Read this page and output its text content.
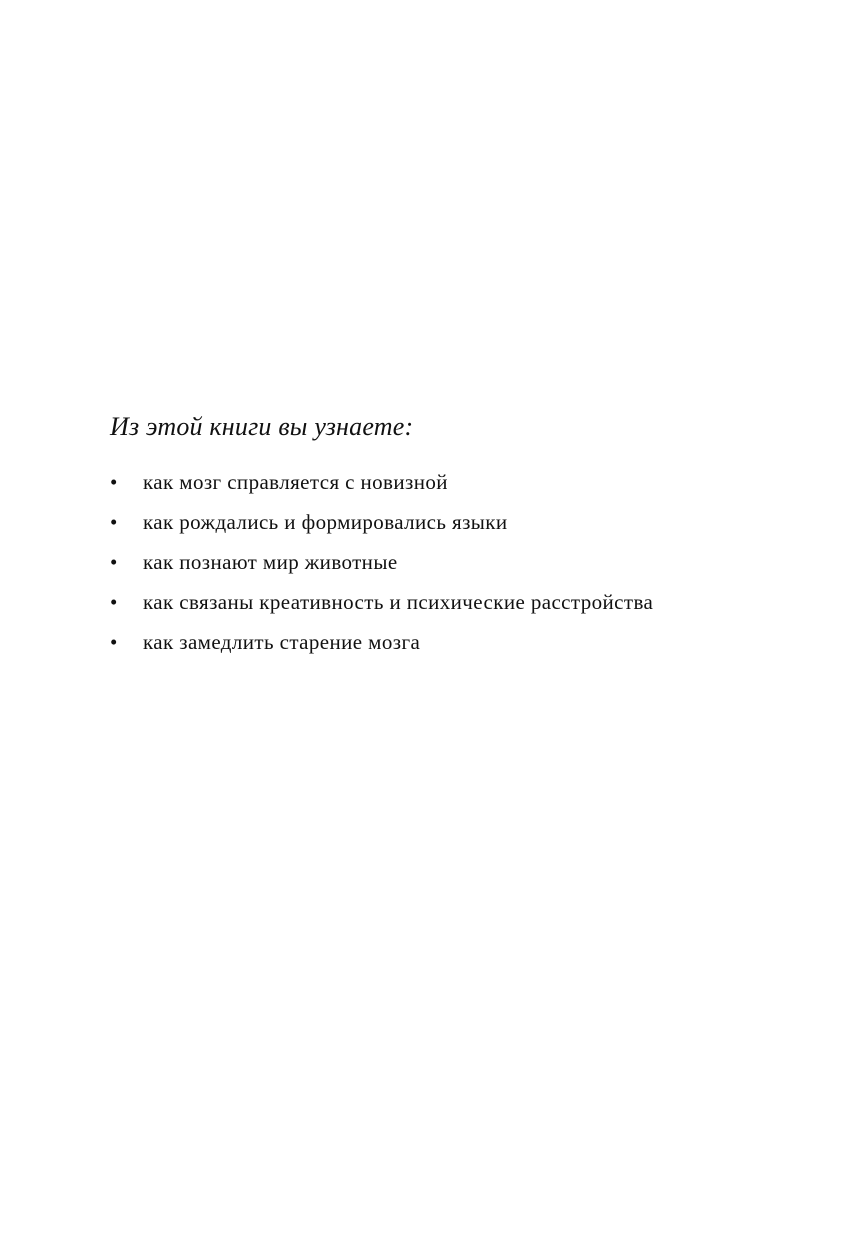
Из этой книги вы узнаете:
•	как мозг справляется с новизной
•	как рождались и формировались языки
•	как познают мир животные
•	как связаны креативность и психические расстройства
•	как замедлить старение мозга
